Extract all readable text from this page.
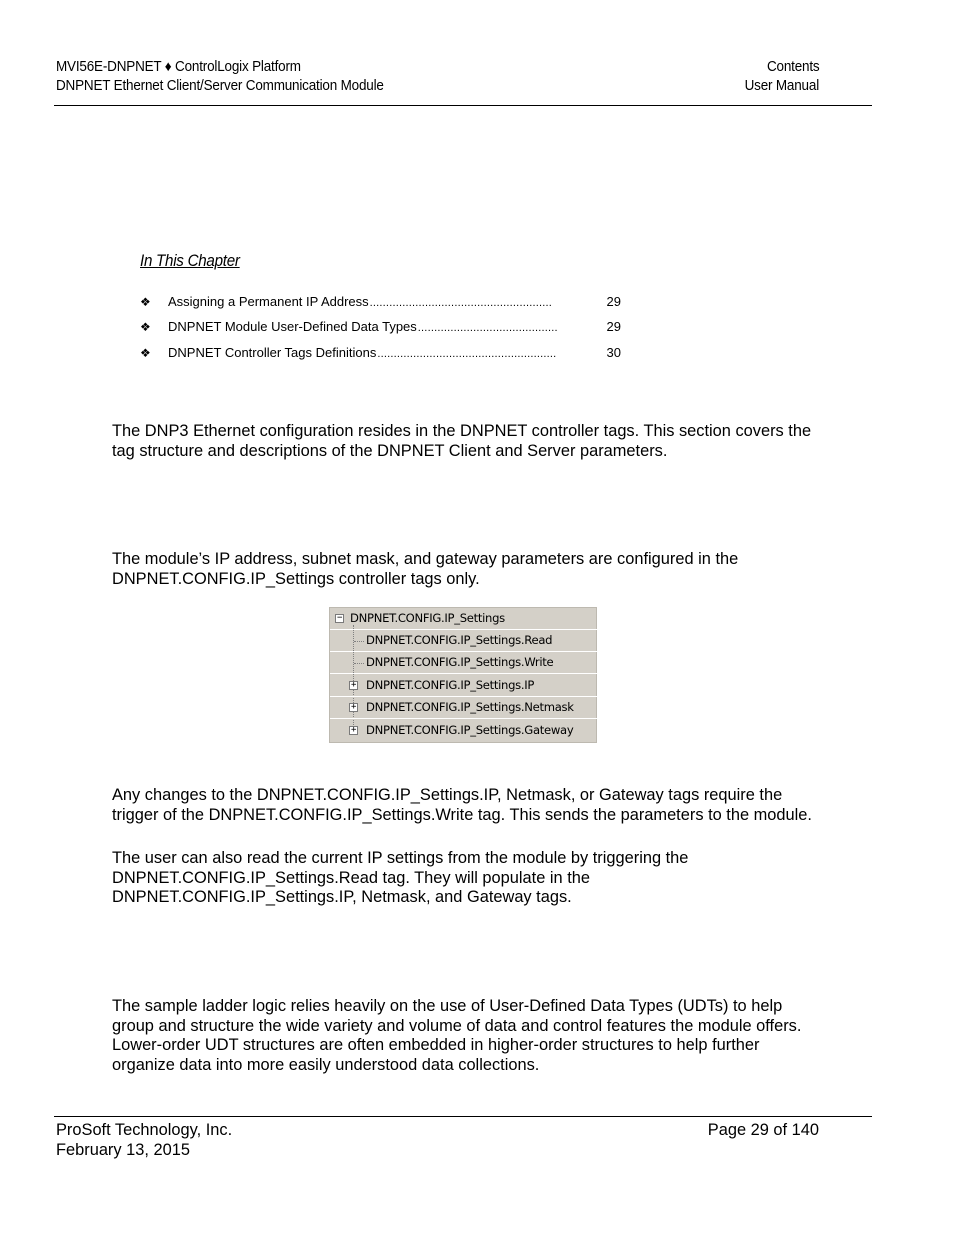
MVI56E-DNPNET ♦ ControlLogix Platform
DNPNET Ethernet Client/Server Communication Module
Contents
User Manual
In This Chapter
❖	Assigning a Permanent IP Address ........................................................	29
❖	DNPNET Module User-Defined Data Types ...........................................	29
❖	DNPNET Controller Tags Definitions .......................................................	30
The DNP3 Ethernet configuration resides in the DNPNET controller tags. This section covers the tag structure and descriptions of the DNPNET Client and Server parameters.
The module’s IP address, subnet mask, and gateway parameters are configured in the DNPNET.CONFIG.IP_Settings controller tags only.
− DNPNET.CONFIG.IP_Settings
DNPNET.CONFIG.IP_Settings.Read
DNPNET.CONFIG.IP_Settings.Write
+ DNPNET.CONFIG.IP_Settings.IP
+ DNPNET.CONFIG.IP_Settings.Netmask
+ DNPNET.CONFIG.IP_Settings.Gateway
Any changes to the DNPNET.CONFIG.IP_Settings.IP, Netmask, or Gateway tags require the trigger of the DNPNET.CONFIG.IP_Settings.Write tag. This sends the parameters to the module.
The user can also read the current IP settings from the module by triggering the DNPNET.CONFIG.IP_Settings.Read tag. They will populate in the DNPNET.CONFIG.IP_Settings.IP, Netmask, and Gateway tags.
The sample ladder logic relies heavily on the use of User-Defined Data Types (UDTs) to help group and structure the wide variety and volume of data and control features the module offers. Lower-order UDT structures are often embedded in higher-order structures to help further organize data into more easily understood data collections.
ProSoft Technology, Inc.
February 13, 2015
Page 29 of 140
